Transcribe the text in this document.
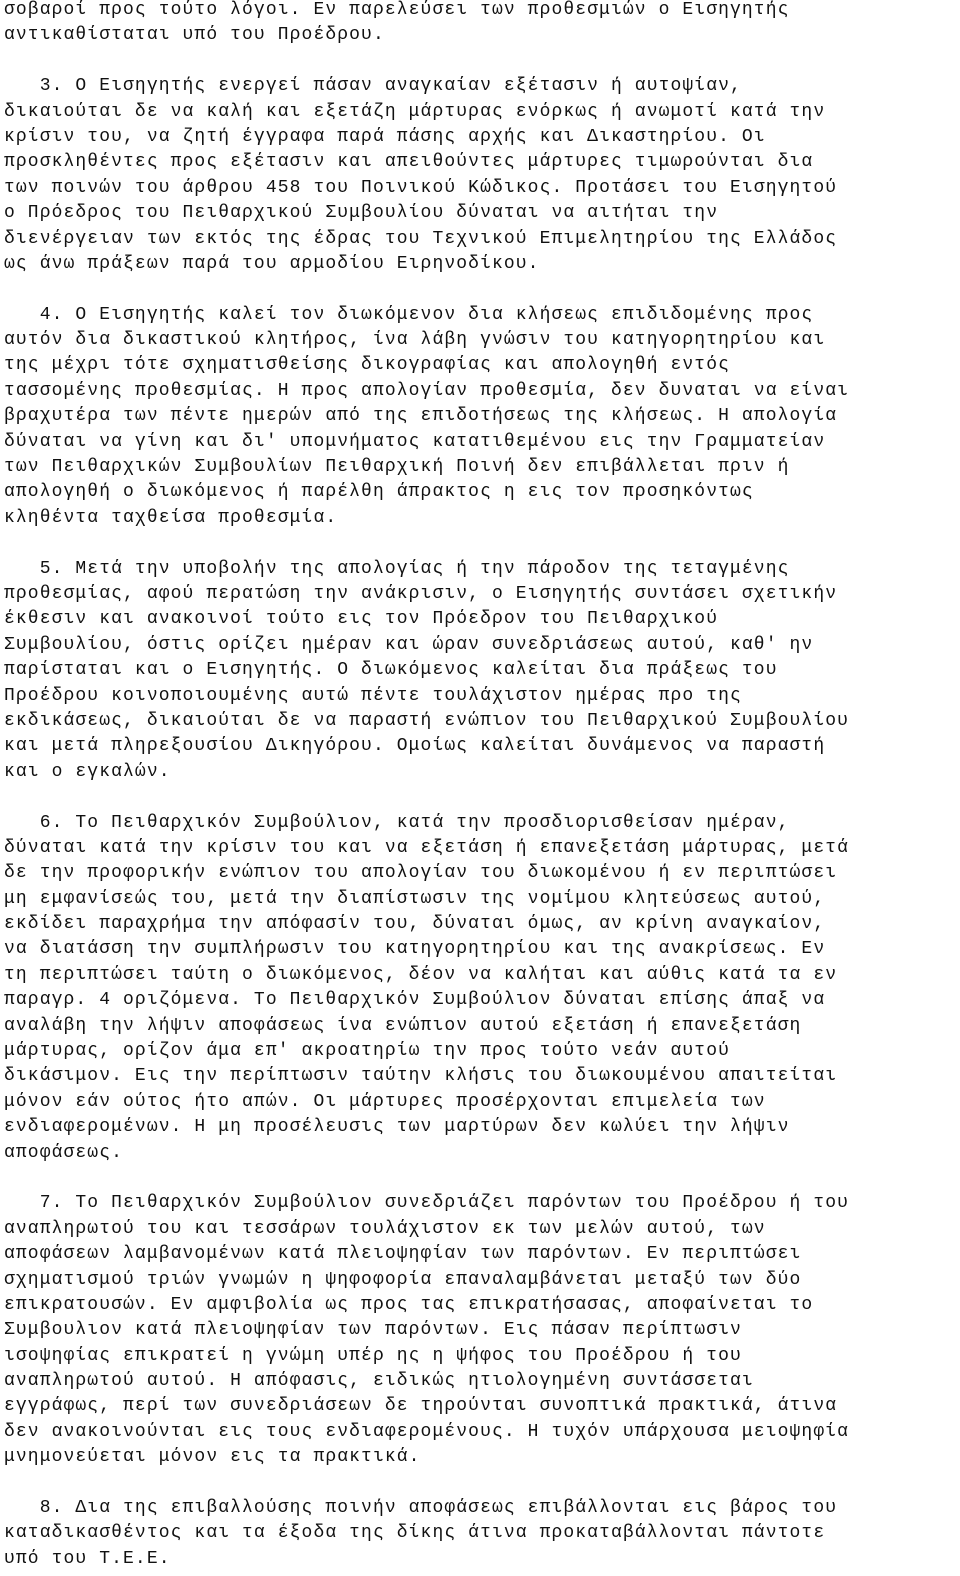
σοβαροί προς τούτο λόγοι. Εν παρελεύσει των προθεσμιών ο Εισηγητής
αντικαθίσταται υπό του Προέδρου.
3. Ο Εισηγητής ενεργεί πάσαν αναγκαίαν εξέτασιν ή αυτοψίαν,
δικαιούται δε να καλή και εξετάζη μάρτυρας ενόρκως ή ανωμοτί κατά την
κρίσιν του, να ζητή έγγραφα παρά πάσης αρχής και Δικαστηρίου. Οι
προσκληθέντες προς εξέτασιν και απειθούντες μάρτυρες τιμωρούνται δια
των ποινών του άρθρου 458 του Ποινικού Κώδικος. Προτάσει του Εισηγητού
ο Πρόεδρος του Πειθαρχικού Συμβουλίου δύναται να αιτήται την
διενέργειαν των εκτός της έδρας του Τεχνικού Επιμελητηρίου της Ελλάδος
ως άνω πράξεων παρά του αρμοδίου Ειρηνοδίκου.
4. Ο Εισηγητής καλεί τον διωκόμενον δια κλήσεως επιδιδομένης προς
αυτόν δια δικαστικού κλητήρος, ίνα λάβη γνώσιν του κατηγορητηρίου και
της μέχρι τότε σχηματισθείσης δικογραφίας και απολογηθή εντός
τασσομένης προθεσμίας. Η προς απολογίαν προθεσμία, δεν δυναται να είναι
βραχυτέρα των πέντε ημερών από της επιδοτήσεως της κλήσεως. Η απολογία
δύναται να γίνη και δι' υπομνήματος κατατιθεμένου εις την Γραμματείαν
των Πειθαρχικών Συμβουλίων Πειθαρχική Ποινή δεν επιβάλλεται πριν ή
απολογηθή ο διωκόμενος ή παρέλθη άπρακτος η εις τον προσηκόντως
κληθέντα ταχθείσα προθεσμία.
5. Μετά την υποβολήν της απολογίας ή την πάροδον της τεταγμένης
προθεσμίας, αφού περατώση την ανάκρισιν, ο Εισηγητής συντάσει σχετικήν
έκθεσιν και ανακοινοί τούτο εις τον Πρόεδρον του Πειθαρχικού
Συμβουλίου, όστις ορίζει ημέραν και ώραν συνεδριάσεως αυτού, καθ' ην
παρίσταται και ο Εισηγητής. Ο διωκόμενος καλείται δια πράξεως του
Προέδρου κοινοποιουμένης αυτώ πέντε τουλάχιστον ημέρας προ της
εκδικάσεως, δικαιούται δε να παραστή ενώπιον του Πειθαρχικού Συμβουλίου
και μετά πληρεξουσίου Δικηγόρου. Ομοίως καλείται δυνάμενος να παραστή
και ο εγκαλών.
6. Το Πειθαρχικόν Συμβούλιον, κατά την προσδιορισθείσαν ημέραν,
δύναται κατά την κρίσιν του και να εξετάση ή επανεξετάση μάρτυρας, μετά
δε την προφορικήν ενώπιον του απολογίαν του διωκομένου ή εν περιπτώσει
μη εμφανίσεώς του, μετά την διαπίστωσιν της νομίμου κλητεύσεως αυτού,
εκδίδει παραχρήμα την απόφασίν του, δύναται όμως, αν κρίνη αναγκαίον,
να διατάσση την συμπλήρωσιν του κατηγορητηρίου και της ανακρίσεως. Εν
τη περιπτώσει ταύτη ο διωκόμενος, δέον να καλήται και αύθις κατά τα εν
παραγρ. 4 οριζόμενα. Το Πειθαρχικόν Συμβούλιον δύναται επίσης άπαξ να
αναλάβη την λήψιν αποφάσεως ίνα ενώπιον αυτού εξετάση ή επανεξετάση
μάρτυρας, ορίζον άμα επ' ακροατηρίω την προς τούτο νεάν αυτού
δικάσιμον. Εις την περίπτωσιν ταύτην κλήσις του διωκουμένου απαιτείται
μόνον εάν ούτος ήτο απών. Οι μάρτυρες προσέρχονται επιμελεία των
ενδιαφερομένων. Η μη προσέλευσις των μαρτύρων δεν κωλύει την λήψιν
αποφάσεως.
7. Το Πειθαρχικόν Συμβούλιον συνεδριάζει παρόντων του Προέδρου ή του
αναπληρωτού του και τεσσάρων τουλάχιστον εκ των μελών αυτού, των
αποφάσεων λαμβανομένων κατά πλειοψηφίαν των παρόντων. Εν περιπτώσει
σχηματισμού τριών γνωμών η ψηφοφορία επαναλαμβάνεται μεταξύ των δύο
επικρατουσών. Εν αμφιβολία ως προς τας επικρατήσασας, αποφαίνεται το
Συμβουλιον κατά πλειοψηφίαν των παρόντων. Εις πάσαν περίπτωσιν
ισοψηφίας επικρατεί η γνώμη υπέρ ης η ψήφος του Προέδρου ή του
αναπληρωτού αυτού. Η απόφασις, ειδικώς ητιολογημένη συντάσσεται
εγγράφως, περί των συνεδριάσεων δε τηρούνται συνοπτικά πρακτικά, άτινα
δεν ανακοινούνται εις τους ενδιαφερομένους. Η τυχόν υπάρχουσα μειοψηφία
μνημονεύεται μόνον εις τα πρακτικά.
8. Δια της επιβαλλούσης ποινήν αποφάσεως επιβάλλονται εις βάρος του
καταδικασθέντος και τα έξοδα της δίκης άτινα προκαταβάλλονται πάντοτε
υπό του Τ.Ε.Ε.
